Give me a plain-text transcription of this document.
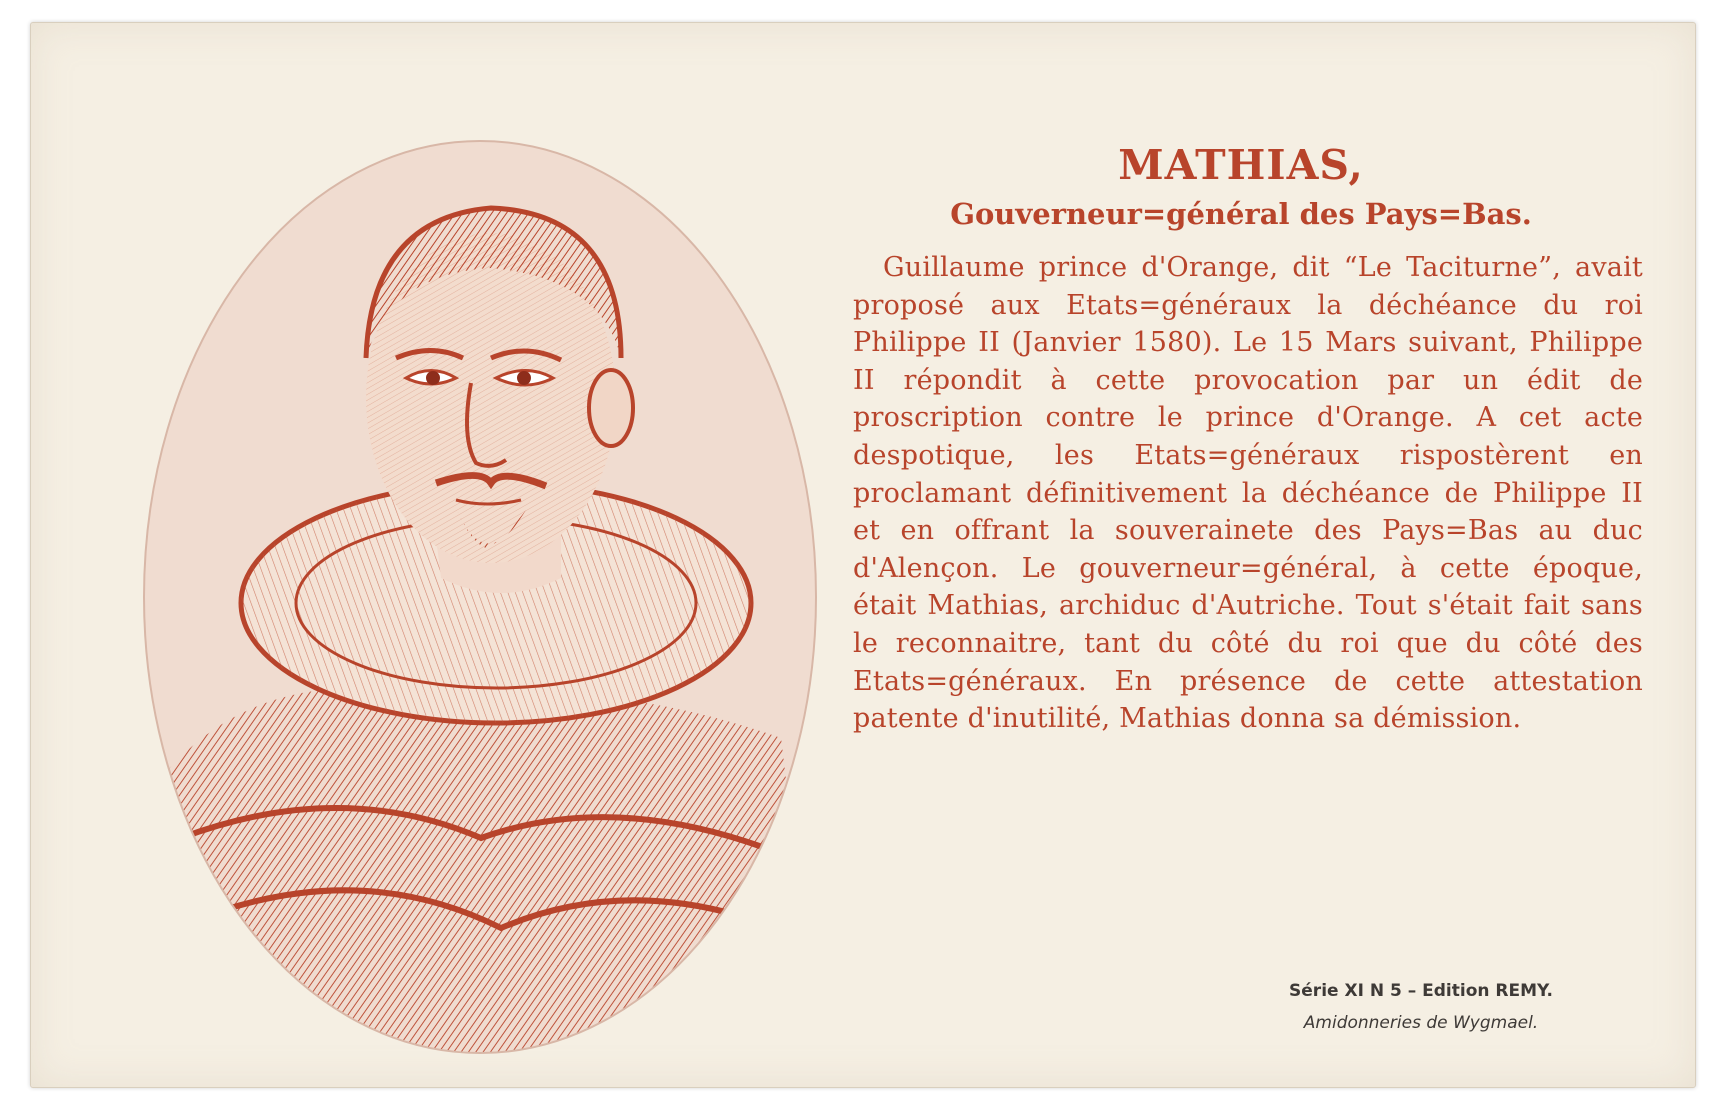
MATHIAS,
Gouverneur=général des Pays=Bas.

Guillaume prince d'Orange, dit “Le Taciturne”, avait proposé aux Etats=généraux la déchéance du roi Philippe II (Janvier 1580). Le 15 Mars suivant, Philippe II répondit à cette provocation par un édit de proscription contre le prince d'Orange. A cet acte despotique, les Etats=généraux rispostèrent en proclamant définitivement la déchéance de Philippe II et en offrant la souverainete des Pays=Bas au duc d'Alençon. Le gouverneur=général, à cette époque, était Mathias, archiduc d'Autriche. Tout s'était fait sans le reconnaitre, tant du côté du roi que du côté des Etats=généraux. En présence de cette attestation patente d'inutilité, Mathias donna sa démission.

Série XI N 5 – Edition REMY.

Amidonneries de Wygmael.
